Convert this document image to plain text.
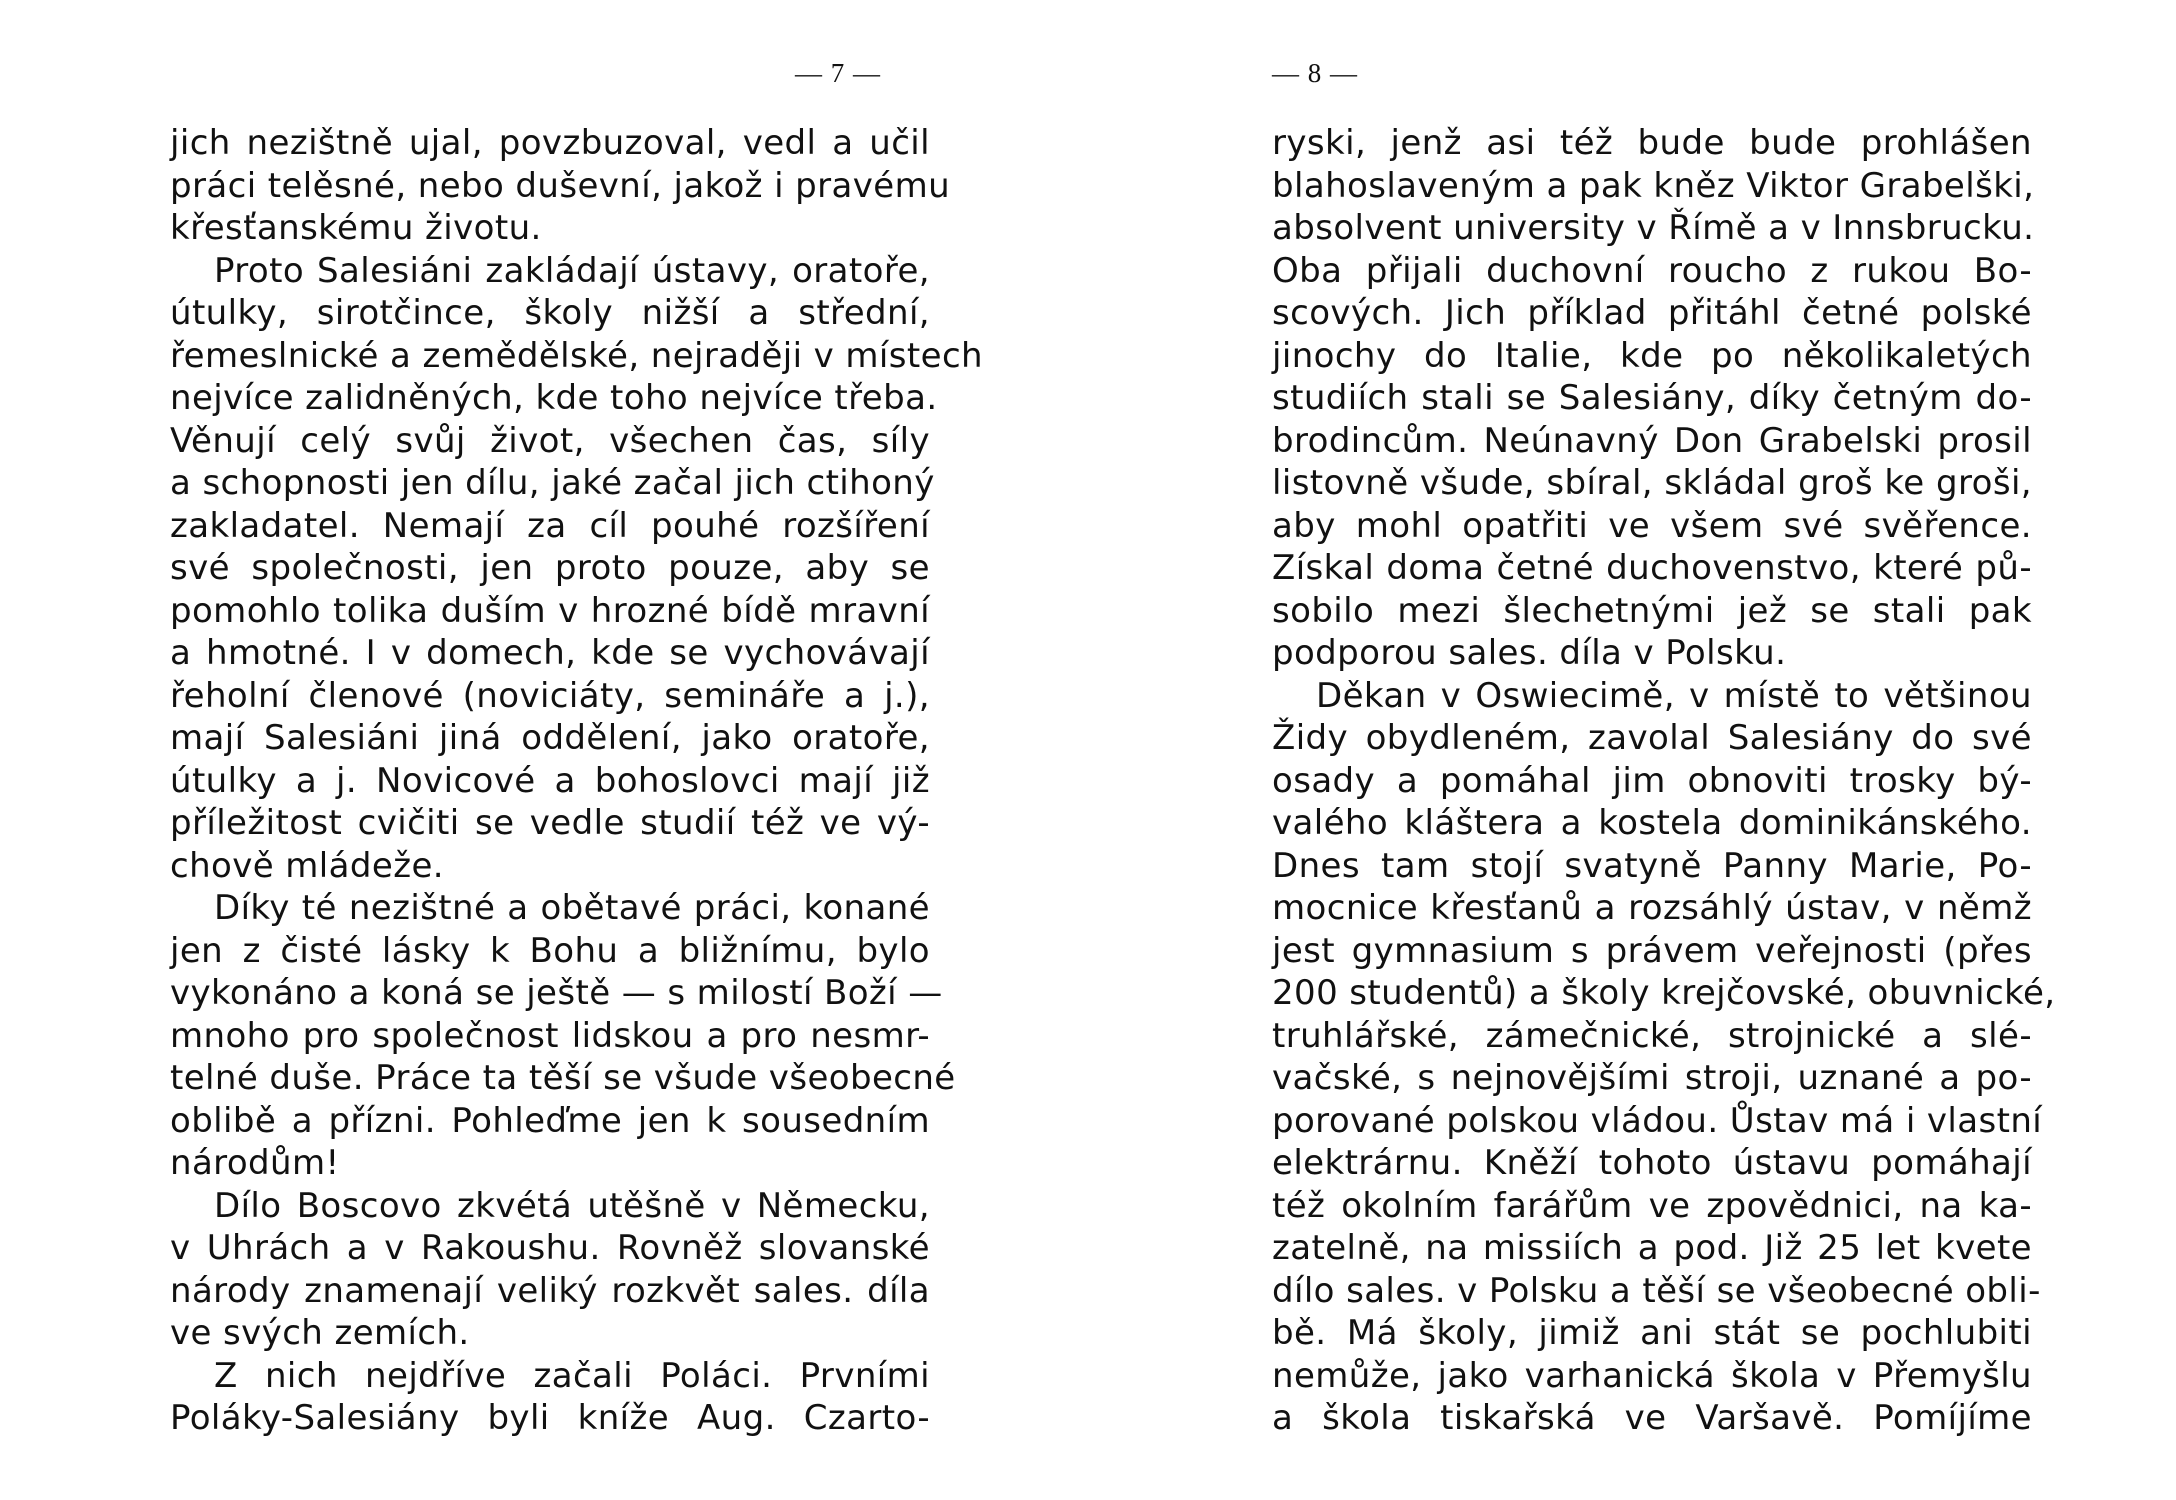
— 7 —
jich nezištně ujal, povzbuzoval, vedl a učil
práci telěsné, nebo duševní, jakož i pravému
křesťanskému životu.
Proto Salesiáni zakládají ústavy, oratoře,
útulky, sirotčince, školy nižší a střední,
řemeslnické a zemědělské, nejraději v místech
nejvíce zalidněných, kde toho nejvíce třeba.
Věnují celý svůj život, všechen čas, síly
a schopnosti jen dílu, jaké začal jich ctihoný
zakladatel. Nemají za cíl pouhé rozšíření
své společnosti, jen proto pouze, aby se
pomohlo tolika duším v hrozné bídě mravní
a hmotné. I v domech, kde se vychovávají
řeholní členové (noviciáty, semináře a j.),
mají Salesiáni jiná oddělení, jako oratoře,
útulky a j. Novicové a bohoslovci mají již
příležitost cvičiti se vedle studií též ve vý-
chově mládeže.
Díky té nezištné a obětavé práci, konané
jen z čisté lásky k Bohu a bližnímu, bylo
vykonáno a koná se ještě — s milostí Boží —
mnoho pro společnost lidskou a pro nesmr-
telné duše. Práce ta těší se všude všeobecné
oblibě a přízni. Pohleďme jen k sousedním
národům!
Dílo Boscovo zkvétá utěšně v Německu,
v Uhrách a v Rakoushu. Rovněž slovanské
národy znamenají veliký rozkvět sales. díla
ve svých zemích.
Z nich nejdříve začali Poláci. Prvními
Poláky-Salesiány byli kníže Aug. Czarto-
— 8 —
ryski, jenž asi též bude bude prohlášen
blahoslaveným a pak kněz Viktor Grabelški,
absolvent university v Římě a v Innsbrucku.
Oba přijali duchovní roucho z rukou Bo-
scových. Jich příklad přitáhl četné polské
jinochy do Italie, kde po několikaletých
studiích stali se Salesiány, díky četným do-
brodincům. Neúnavný Don Grabelski prosil
listovně všude, sbíral, skládal groš ke groši,
aby mohl opatřiti ve všem své svěřence.
Získal doma četné duchovenstvo, které pů-
sobilo mezi šlechetnými jež se stali pak
podporou sales. díla v Polsku.
Děkan v Oswiecimě, v místě to většinou
Židy obydleném, zavolal Salesiány do své
osady a pomáhal jim obnoviti trosky bý-
valého kláštera a kostela dominikánského.
Dnes tam stojí svatyně Panny Marie, Po-
mocnice křesťanů a rozsáhlý ústav, v němž
jest gymnasium s právem veřejnosti (přes
200 studentů) a školy krejčovské, obuvnické,
truhlářské, zámečnické, strojnické a slé-
vačské, s nejnovějšími stroji, uznané a po-
porované polskou vládou. Ůstav má i vlastní
elektrárnu. Kněží tohoto ústavu pomáhají
též okolním farářům ve zpovědnici, na ka-
zatelně, na missiích a pod. Již 25 let kvete
dílo sales. v Polsku a těší se všeobecné obli-
bě. Má školy, jimiž ani stát se pochlubiti
nemůže, jako varhanická škola v Přemyšlu
a škola tiskařská ve Varšavě. Pomíjíme
